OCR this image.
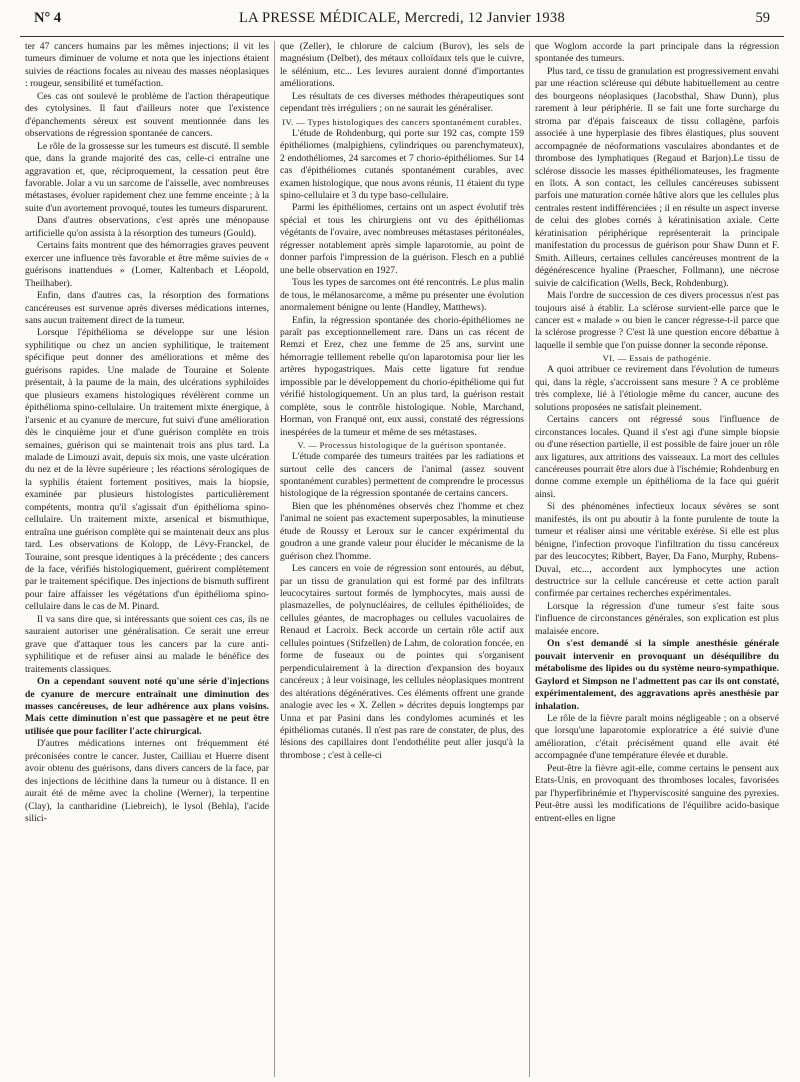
N° 4	LA PRESSE MÉDICALE, Mercredi, 12 Janvier 1938	59

ter 47 cancers humains par les mêmes injections; il vit les tumeurs diminuer de volume et nota que les injections étaient suivies de réactions focales au niveau des masses néoplasiques : rougeur, sensibilité et tuméfaction.

Ces cas ont soulevé le problème de l'action thérapeutique des cytolysines. Il faut d'ailleurs noter que l'existence d'épanchements séreux est souvent mentionnée dans les observations de régression spontanée de cancers.

Le rôle de la grossesse sur les tumeurs est discuté. Il semble que, dans la grande majorité des cas, celle-ci entraîne une aggravation et, que, réciproquement, la cessation peut être favorable. Jolar a vu un sarcome de l'aisselle, avec nombreuses métastases, évoluer rapidement chez une femme enceinte ; à la suite d'un avortement provoqué, toutes les tumeurs disparurent.

Dans d'autres observations, c'est après une ménopause artificielle qu'on assista à la résorption des tumeurs (Gould).

Certains faits montrent que des hémorragies graves peuvent exercer une influence très favorable et être même suivies de « guérisons inattendues » (Lomer, Kaltenbach et Léopold, Theilhaber).

Enfin, dans d'autres cas, la résorption des formations cancéreuses est survenue après diverses médications internes, sans aucun traitement direct de la tumeur.

Lorsque l'épithélioma se développe sur une lésion syphilitique ou chez un ancien syphilitique, le traitement spécifique peut donner des améliorations et même des guérisons rapides. Une malade de Touraine et Solente présentait, à la paume de la main, des ulcérations syphiloïdes que plusieurs examens histologiques révélèrent comme un épithélioma spino-cellulaire. Un traitement mixte énergique, à l'arsenic et au cyanure de mercure, fut suivi d'une amélioration dès le cinquième jour et d'une guérison complète en trois semaines, guérison qui se maintenait trois ans plus tard. La malade de Limouzi avait, depuis six mois, une vaste ulcération du nez et de la lèvre supérieure ; les réactions sérologiques de la syphilis étaient fortement positives, mais la biopsie, examinée par plusieurs histologistes particulièrement compétents, montra qu'il s'agissait d'un épithélioma spino-cellulaire. Un traitement mixte, arsenical et bismuthique, entraîna une guérison complète qui se maintenait deux ans plus tard. Les observations de Kolopp, de Lévy-Franckel, de Touraine, sont presque identiques à la précédente ; des cancers de la face, vérifiés histologiquement, guérirent complètement par le traitement spécifique. Des injections de bismuth suffirent pour faire affaisser les végétations d'un épithélioma spino-cellulaire dans le cas de M. Pinard.

Il va sans dire que, si intéressants que soient ces cas, ils ne sauraient autoriser une généralisation. Ce serait une erreur grave que d'attaquer tous les cancers par la cure anti-syphilitique et de refuser ainsi au malade le bénéfice des traitements classiques.

On a cependant souvent noté qu'une série d'injections de cyanure de mercure entraînait une diminution des masses cancéreuses, de leur adhérence aux plans voisins. Mais cette diminution n'est que passagère et ne peut être utilisée que pour faciliter l'acte chirurgical.

D'autres médications internes ont fréquemment été préconisées contre le cancer. Juster, Cailliau et Huerre disent avoir obtenu des guérisons, dans divers cancers de la face, par des injections de lécithine dans la tumeur ou à distance. Il en aurait été de même avec la choline (Werner), la terpentine (Clay), la cantharidine (Liebreich), le lysol (Behla), l'acide silici-

que (Zeller), le chlorure de calcium (Burov), les sels de magnésium (Delbet), des métaux colloïdaux tels que le cuivre, le sélénium, etc... Les levures auraient donné d'importantes améliorations.

Les résultats de ces diverses méthodes thérapeutiques sont cependant très irréguliers ; on ne saurait les généraliser.

IV. — Types histologiques des cancers spontanément curables.

L'étude de Rohdenburg, qui porte sur 192 cas, compte 159 épithéliomes (malpighiens, cylindriques ou parenchymateux), 2 endothéliomes, 24 sarcomes et 7 chorio-épithéliomes. Sur 14 cas d'épithéliomes cutanés spontanément curables, avec examen histologique, que nous avons réunis, 11 étaient du type spino-cellulaire et 3 du type baso-cellulaire.

Parmi les épithéliomes, certains ont un aspect évolutif très spécial et tous les chirurgiens ont vu des épithéliomas végétants de l'ovaire, avec nombreuses métastases péritonéales, régresser notablement après simple laparotomie, au point de donner parfois l'impression de la guérison. Flesch en a publié une belle observation en 1927.

Tous les types de sarcomes ont été rencontrés. Le plus malin de tous, le mélanosarcome, a même pu présenter une évolution anormalement bénigne ou lente (Handley, Matthews).

Enfin, la régression spontanée des chorio-épithéliomes ne paraît pas exceptionnellement rare. Dans un cas récent de Remzi et Erez, chez une femme de 25 ans, survint une hémorragie telllement rebelle qu'on laparotomisa pour lier les artères hypogastriques. Mais cette ligature fut rendue impossible par le développement du chorio-épithéliome qui fut vérifié histologiquement. Un an plus tard, la guérison restait complète, sous le contrôle histologique. Noble, Marchand, Horman, von Franqué ont, eux aussi, constaté des régressions inespérées de la tumeur et même de ses métastases.

V. — Processus histologique de la guérison spontanée.

L'étude comparée des tumeurs traitées par les radiations et surtout celle des cancers de l'animal (assez souvent spontanément curables) permettent de comprendre le processus histologique de la régression spontanée de certains cancers.

Bien que les phénomènes observés chez l'homme et chez l'animal ne soient pas exactement superposables, la minutieuse étude de Roussy et Leroux sur le cancer expérimental du goudron a une grande valeur pour élucider le mécanisme de la guérison chez l'homme.

Les cancers en voie de régression sont entourés, au début, par un tissu de granulation qui est formé par des infiltrats leucocytaires surtout formés de lymphocytes, mais aussi de plasmazelles, de polynucléaires, de cellules épithélioïdes, de cellules géantes, de macrophages ou cellules vacuolaires de Renaud et Lacroix. Beck accorde un certain rôle actif aux cellules pointues (Stifzellen) de Lahm, de coloration foncée, en forme de fuseaux ou de pointes qui s'organisent perpendiculairement à la direction d'expansion des boyaux cancéreux ; à leur voisinage, les cellules néoplasiques montrent des altérations dégénératives. Ces éléments offrent une grande analogie avec les « X. Zellen » décrites depuis longtemps par Unna et par Pasini dans les condylomes acuminés et les épithéliomas cutanés. Il n'est pas rare de constater, de plus, des lésions des capillaires dont l'endothélite peut aller jusqu'à la thrombose ; c'est à celle-ci

que Woglom accorde la part principale dans la régression spontanée des tumeurs.

Plus tard, ce tissu de granulation est progressivement envahi par une réaction scléreuse qui débute habituellement au centre des bourgeons néoplasiques (Jacobsthal, Shaw Dunn), plus rarement à leur périphérie. Il se fait une forte surcharge du stroma par d'épais faisceaux de tissu collagène, parfois associée à une hyperplasie des fibres élastiques, plus souvent accompagnée de néoformations vasculaires abondantes et de thrombose des lymphatiques (Regaud et Barjon).Le tissu de sclérose dissocie les masses épithéliomateuses, les fragmente en îlots. A son contact, les cellules cancéreuses subissent parfois une maturation cornée hâtive alors que les cellules plus centrales restent indifférenciées ; il en résulte un aspect inverse de celui des globes cornés à kératinisation axiale. Cette kératinisation périphérique représenterait la principale manifestation du processus de guérison pour Shaw Dunn et F. Smith. Ailleurs, certaines cellules cancéreuses montrent de la dégénérescence hyaline (Praescher, Follmann), une nécrose suivie de calcification (Wells, Beck, Rohdenburg).

Mais l'ordre de succession de ces divers processus n'est pas toujours aisé à établir. La sclérose survient-elle parce que le cancer est « malade » ou bien le cancer régresse-t-il parce que la sclérose progresse ? C'est là une question encore débattue à laquelle il semble que l'on puisse donner la seconde réponse.

VI. — Essais de pathogénie.

A quoi attribuer ce revirement dans l'évolution de tumeurs qui, dans la règle, s'accroissent sans mesure ? A ce problème très complexe, lié à l'étiologie même du cancer, aucune des solutions proposées ne satisfait pleinement.

Certains cancers ont régressé sous l'influence de circonstances locales. Quand il s'est agi d'une simple biopsie ou d'une résection partielle, il est possible de faire jouer un rôle aux ligatures, aux attritions des vaisseaux. La mort des cellules cancéreuses pourrait être alors due à l'ischémie; Rohdenburg en donne comme exemple un épithélioma de la face qui guérit ainsi.

Si des phénomènes infectieux locaux sévères se sont manifestés, ils ont pu aboutir à la fonte purulente de toute la tumeur et réaliser ainsi une véritable exérèse. Si elle est plus bénigne, l'infection provoque l'infiltration du tissu cancéreux par des leucocytes; Ribbert, Bayer, Da Fano, Murphy, Rubens-Duval, etc..., accordent aux lymphocytes une action destructrice sur la cellule cancéreuse et cette action paraît confirmée par certaines recherches expérimentales.

Lorsque la régression d'une tumeur s'est faite sous l'influence de circonstances générales, son explication est plus malaisée encore.

On s'est demandé si la simple anesthésie générale pouvait intervenir en provoquant un déséquilibre du métabolisme des lipides ou du système neuro-sympathique. Gaylord et Simpson ne l'admettent pas car ils ont constaté, expérimentalement, des aggravations après anesthésie par inhalation.

Le rôle de la fièvre paraît moins négligeable ; on a observé que lorsqu'une laparotomie exploratrice a été suivie d'une amélioration, c'était précisément quand elle avait été accompagnée d'une température élevée et durable.

Peut-être la fièvre agit-elle, comme certains le pensent aux Etats-Unis, en provoquant des thromboses locales, favorisées par l'hyperfibrinémie et l'hyperviscosité sanguine des pyrexies. Peut-être aussi les modifications de l'équilibre acido-basique entrent-elles en ligne
